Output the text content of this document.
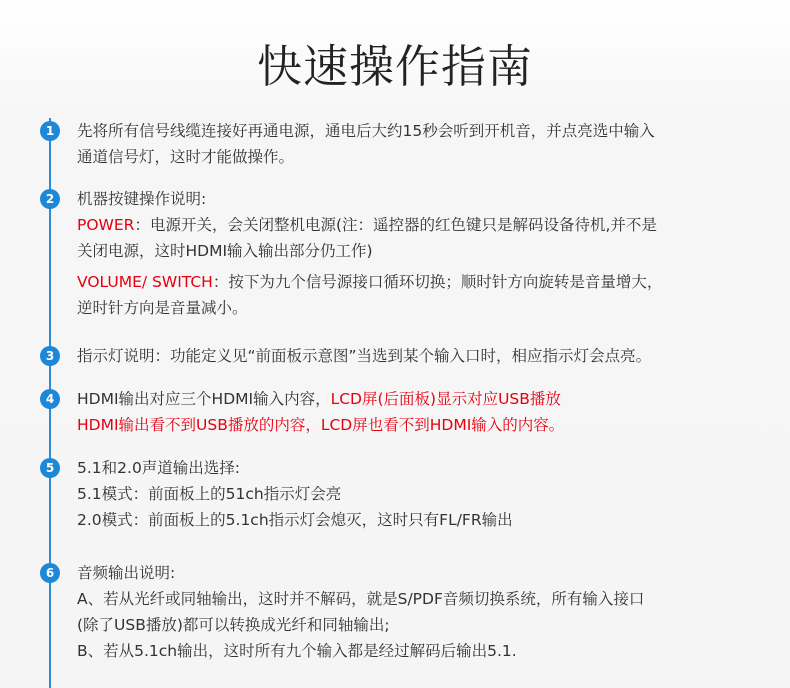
快速操作指南
1	先将所有信号线缆连接好再通电源，通电后大约15秒会听到开机音，并点亮选中输入

通道信号灯，这时才能做操作。

2	机器按键操作说明:

POWER：电源开关，会关闭整机电源(注：遥控器的红色键只是解码设备待机,并不是

关闭电源，这时HDMI输入输出部分仍工作)

VOLUME/ SWITCH：按下为九个信号源接口循环切换；顺时针方向旋转是音量增大，

逆时针方向是音量减小。

3	指示灯说明：功能定义见“前面板示意图”当选到某个输入口时，相应指示灯会点亮。

4	HDMI输出对应三个HDMI输入内容，LCD屏(后面板)显示对应USB播放

HDMI输出看不到USB播放的内容，LCD屏也看不到HDMI输入的内容。

5	5.1和2.0声道输出选择:

5.1模式：前面板上的51ch指示灯会亮

2.0模式：前面板上的5.1ch指示灯会熄灭，这时只有FL/FR输出

6	音频输出说明:

A、若从光纤或同轴输出，这时并不解码，就是S/PDF音频切换系统，所有输入接口

(除了USB播放)都可以转换成光纤和同轴输出;

B、若从5.1ch输出，这时所有九个输入都是经过解码后输出5.1.
